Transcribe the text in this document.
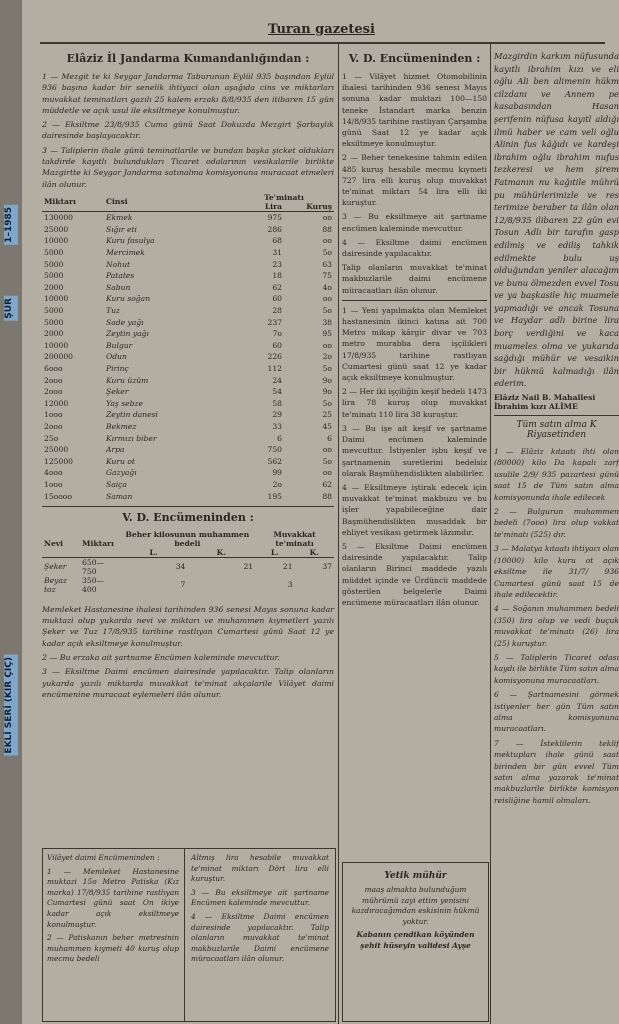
1–1985
ŞUR
EKLİ SERİ (KIR ÇIÇ)
Turan gazetesi
Elâziz İl Jandarma Kumandanlığından :

1 — Mezgit te ki Seygar Jandarma Taburunun Eylül 935 başından Eylül 936 başına kadar bir senelik ihtiyaci olan aşağıda cins ve miktarları muvakkat teminatları gazılı 25 kalem erzakı 8/8/935 den itibaren 15 gün müddetle ve açık usul ile eksiltmeye konulmuştur.

2 — Eksiltme 23/8/935 Cuma günü Saat Dokuzda Mezgirt Şarbaylık dairesinde başlayacaktır.

3 — Taliplerin ihale günü teminatlarile ve bundan başka şicket oldukları takdirde kayıtlı bulundukları Ticaret odalarının vesikalarile birlikte Mazgirtte ki Seygar Jandarma satınalma komisyonuna muracaat etmeleri ilân olunur.

Miktarı	Cinsi	Te'minatı	
		Lira	Kuruş
130000	Ekmek	975	oo
25000	Sığır eti	286	88
10000	Kuru fasulya	68	oo
5000	Mercimek	31	5o
5000	Nohut	23	63
5000	Patates	18	75
2000	Sabun	62	4o
10000	Kuru soğan	60	oo
5000	Tuz	28	5o
5000	Sade yağı	237	38
2000	Zeytin yağı	7o	95
10000	Bulgur	60	oo
200000	Odun	226	2o
6ooo	Pirinç	112	5o
2ooo	Kuru üzüm	24	9o
2ooo	Şeker	54	9o
12000	Yaş sebze	58	5o
1ooo	Zeytin danesi	29	25
2ooo	Bekmez	33	45
25o	Kırmızı biber	6	6
25000	Arpa	750	oo
125000	Kuru ot	562	5o
4ooo	Gazyağı	99	oo
1ooo	Saiça	2o	62
15oooo	Saman	195	88
V. D. Encümeninden :
Nevi	Miktarı	Beher kilosunun muhammen bedeli		Muvakkat te'minatı	
		L.	K.	L.	K.
Şeker	650—750	34	21	21	37
Beyaz toz	350—400	7		3	

Memleket Hastanesine ihalesi tarihinden 936 senesi Mayıs sonuna kadar muktazi olup yukarda nevi ve miktarı ve muhammen kıymetleri yazılı Şeker ve Tuz 17/8/935 tarihine rastlıyan Cumartesi günü Saat 12 ye kadar açık eksiltmeye konulmuştur.

2 — Bu erzaka ait şartname Encümen kaleminde mevcuttur.

3 — Eksiltme Daimi encümen dairesinde yapılacaktır. Talip olanların yukarda yazılı miktarda muvakkat te'minat akçalarile Vilâyet daimi encümenine muracaat eylemeleri ilân olunur.

Vilâyet daimi Encümeninden :

1 — Memleket Hastanesine muktazi 15o Metro Patiska (Kız marka) 17/8/935 tarihine rastlıyan Cumartesi günü saat On ikiye kadar açık eksiltmeye konulmuştur.

2 — Patiskanın beher metresinin muhammen kıymeti 40 kuruş olup mecmu bedeli

Altmış lira hesabile muvakkat te'minat miktarı Dört lira elli kuruştur.

3 — Bu eksiltmeye ait şartname Encümen kaleminde mevcuttur.

4 — Eksiltme Daimi encümen dairesinde yapılacaktır. Talip olanların muvakkat te'minat makbuzlarile Daimi encümene müracaatları ilân olunur.

V. D. Encümeninden :

1 — Vilâyet hizmet Otomobilinin ihalesi tarihinden 936 senesi Mayıs sonuna kadar muktazi 100—150 teneke İstandart marka benzin 14/8/935 tarihine rastlıyan Çarşamba günü Saat 12 ye kadar açık eksiltmeye konulmuştur.

2 — Beher tenekesine tahmin edilen 485 kuruş hesabile mecmu kıymeti 727 lira elli kuruş olup muvakkat te'minat miktarı 54 lira elli iki kuruştur.

3 — Bu eksiltmeye ait şartname encümen kaleminde mevcuttur.

4 — Eksiltme daimi encümen dairesinde yapılacaktır.

Talip olanların muvakkat te'minat makbuzlarile daimi encümene müracaatları ilân olunur.

1 — Yeni yapılmakta olan Memleket hastanesinin ikinci katına ait 700 Metro mikap kârgir divar ve 703 metro murabba dera işçilikleri 17/8/935 tarihine rastlıyan Cumartesi günü saat 12 ye kadar açık eksiltmeye konulmuştur.

2 — Her iki işçiliğin keşif bedeli 1473 lira 78 kuruş olup muvakkat te'minatı 110 lira 38 kuruştur.

3 — Bu işe ait keşif ve şartname Daimi encümen kaleminde mevcuttur. İstiyenler işbu keşif ve şartnamenin suretlerini bedelsiz olarak Başmühendislikten alabilirler.

4 — Eksiltmeye iştirak edecek için muvakkat te'minat makbuzu ve bu işler yapabileceğine dair Başmühendislikten musaddak bir ehliyet vesikası getirmek lâzımdır.

5 — Eksiltme Daimi encümen dairesinde yapılacaktır. Talip olanların Birinci maddede yazılı müddet içinde ve Ürdüncü maddede gösterilen belgelerle Daimi encümene müracaatları ilân olunur.

Yetik mühür

maaş almakta bulunduğum mührümü zayi ettim yenisini kazdıracağımdan eskisinin hükmü yoktur.

Kabanın çendikan köyünden şehit hüseyin validesi Ayşe

Mazgirdin karkım nüfusunda kayıtlı ibrahim kızı ve eli oğlu Ali ben alimenin hükm cilzdanı ve Annem pe kasabasından Hasan şerifenin nüfusa kayıtl aldığı ilmü haber ve cam veli oğlu Alinin fus kâğıdı ve kardeşi ibrahim oğlu ibrahim nufus tezkeresi ve hem şirem Fatmanın nu kağıtile mührü pu mühürlerimizle ve res terimize beraber ta ilân olan 12/8/935 ilibaren 22 gün evi Tosun Adlı bir tarafın gasp edilmiş ve ediliş tahkik edilmekte bulu uş olduğundan yeniler alacağım ve bunu ölmezden evvel Tosu ve ya başkasile hiç muamele yapmadığı ve ancak Tosuna ve Haydar adlı birine lira borç verdiğini ve kaca muameles olma ve yukarıda sağdığı mühür ve vesaikin bir hükmü kalmadığı ilân ederim.

Elâziz Nail B. Mahallesi İbrahim kızı ALİME
Tüm satın alma K Riyasetinden

1 — Elâziz kıtaatı ihti olan (80000) kilo Da kapalı zarf usulile 2/9/ 935 pazartesi günü saat 15 de Tüm satın alma komisyonunda ihale edilecek

2 — Bulgurun muhammen bedeli (7ooo) lira olup vakkat te'minatı (525) dır.

3 — Malatya kıtaatı ihtiyacı olan (10000) kilo kuru ot açık eksiltme ile 31/7/ 936 Cumartesi günü saat 15 de ihale edilecektir.

4 — Soğanın muhammen bedeli (350) lira olup ve vedi buçuk muvakkat te'minatı (26) lira (25) kuruştur.

5 — Taliplerin Ticaret odası kaydı ile birlikte Tüm satın alma komisyonuna muracaatları.

6 — Şartnamesini görmek istiyenler her gün Tüm satın alma komisyonuna muracaatları.

7 — İsteklilerin teklif mektupları ihale günü saat birinden bir gün evvel Tüm satın alma yazarak te'minat makbuzlarile birlikte komisyon reisliğine hamil olmaları.
